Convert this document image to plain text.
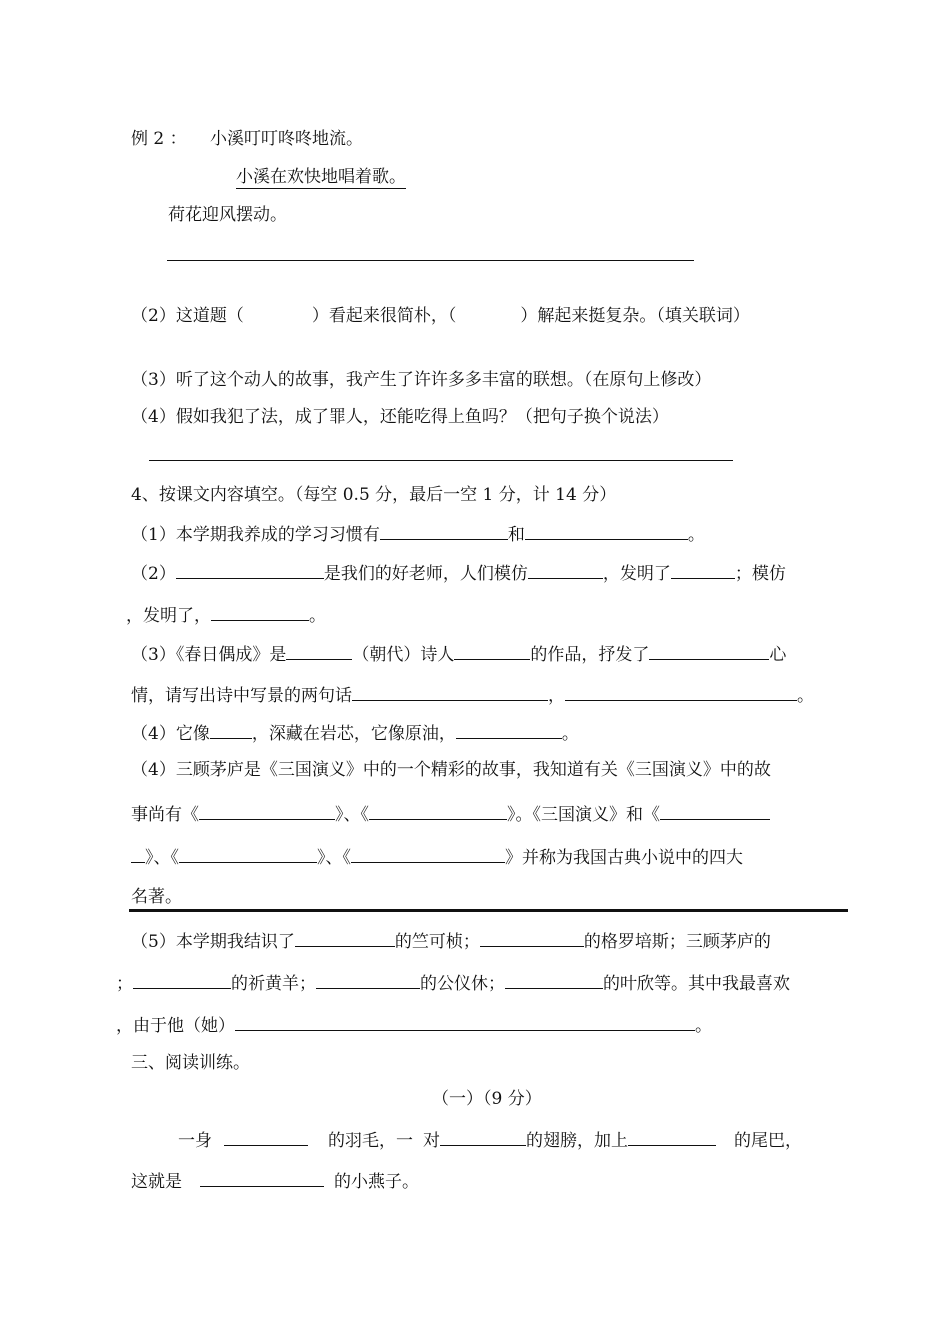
例 2 ： 小溪叮叮咚咚地流。
小溪在欢快地唱着歌。
荷花迎风摆动。
（2）这道题（	）看起来很简朴，（	）解起来挺复杂。（填关联词）
（3）听了这个动人的故事，我产生了许许多多丰富的联想。（在原句上修改）
（4）假如我犯了法，成了罪人，还能吃得上鱼吗？（把句子换个说法）
4、按课文内容填空。（每空 0.5 分，最后一空 1 分，计 14 分）
（1）本学期我养成的学习习惯有	和	。
（2）	是我们的好老师，人们模仿	，发明了	；模仿
，发明了，	。
（3）《春日偶成》是	（朝代）诗人	的作品，抒发了	心
情，请写出诗中写景的两句话	，	。
（4）它像 ，深藏在岩芯，它像原油，	。
（4）三顾茅庐是《三国演义》中的一个精彩的故事，我知道有关《三国演义》中的故
事尚有《	》、《	》。《三国演义》和《
》、《	》、《	》并称为我国古典小说中的四大
名著。
（5）本学期我结识了	的竺可桢；	的格罗培斯；三顾茅庐的
；	的祈黄羊；	的公仪休；	的叶欣等。其中我最喜欢
，由于他（她）	。
三、阅读训练。
（一）（9 分）
一身	的羽毛，一 对	的翅膀，加上	的尾巴，
这就是	的小燕子。
